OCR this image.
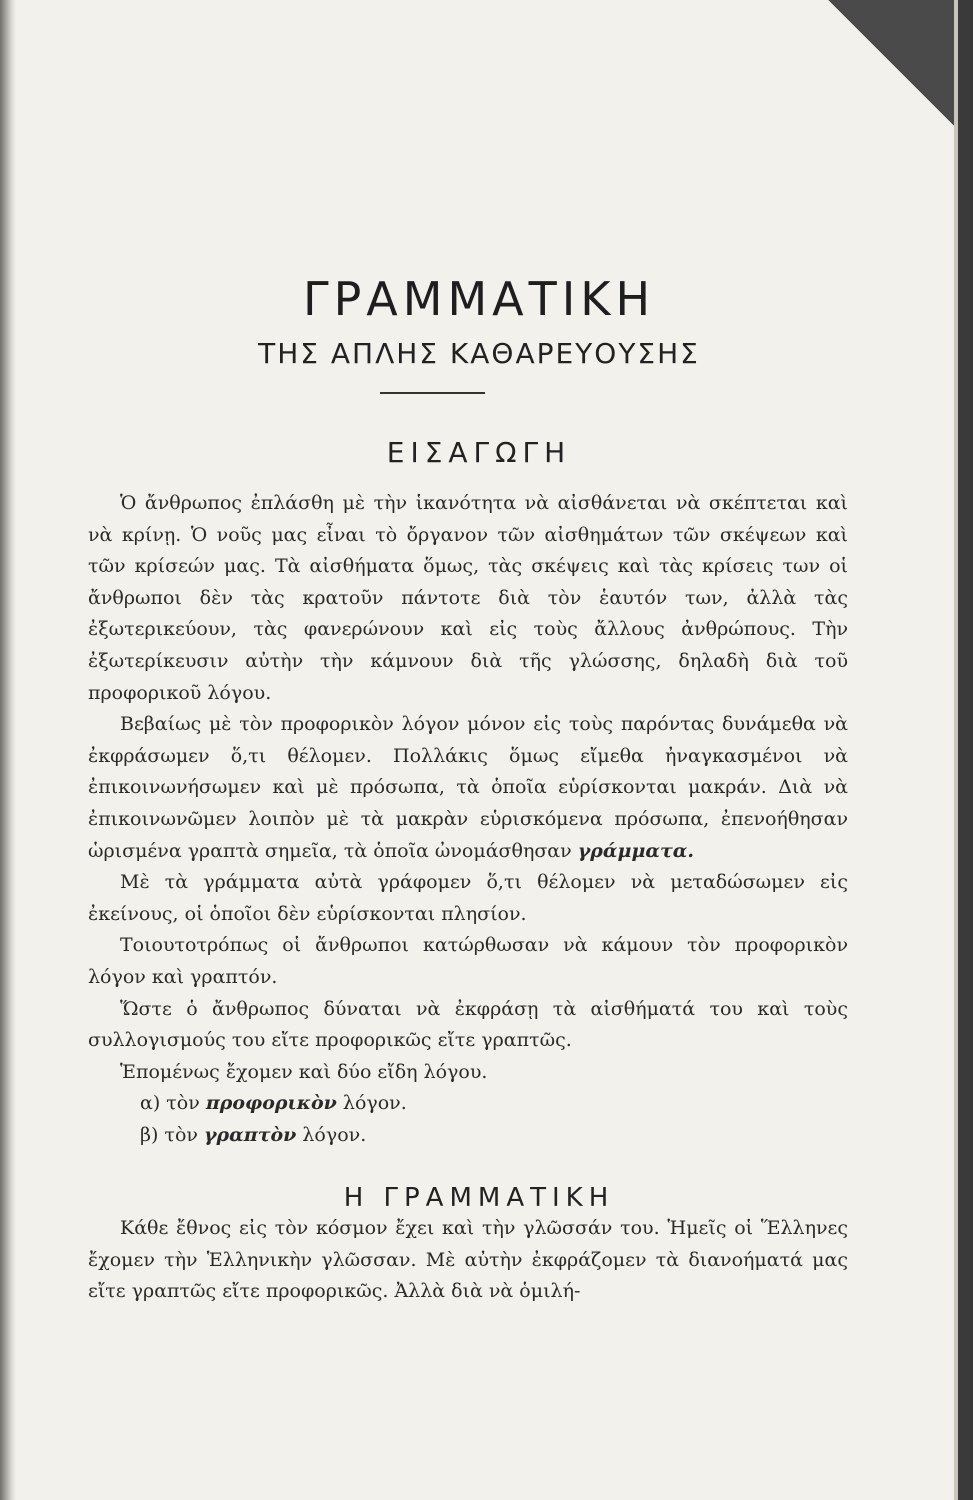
ΓΡΑΜΜΑΤΙΚΗ
ΤΗΣ ΑΠΛΗΣ ΚΑΘΑΡΕΥΟΥΣΗΣ
ΕΙΣΑΓΩΓΗ

Ὁ ἄνθρωπος ἐπλάσθη μὲ τὴν ἱκανότητα νὰ αἰσθάνεται νὰ σκέπτεται καὶ νὰ κρίνῃ. Ὁ νοῦς μας εἶναι τὸ ὄργανον τῶν αἰσθημάτων τῶν σκέψεων καὶ τῶν κρίσεών μας. Τὰ αἰσθήματα ὅμως, τὰς σκέψεις καὶ τὰς κρίσεις των οἱ ἄνθρωποι δὲν τὰς κρατοῦν πάντοτε διὰ τὸν ἑαυτόν των, ἀλλὰ τὰς ἐξωτερικεύουν, τὰς φανερώνουν καὶ εἰς τοὺς ἄλλους ἀνθρώπους. Τὴν ἐξωτερίκευσιν αὐτὴν τὴν κάμνουν διὰ τῆς γλώσσης, δηλαδὴ διὰ τοῦ προφορικοῦ λόγου.

Βεβαίως μὲ τὸν προφορικὸν λόγον μόνον εἰς τοὺς παρόντας δυνάμεθα νὰ ἐκφράσωμεν ὅ,τι θέλομεν. Πολλάκις ὅμως εἴμεθα ἠναγκασμένοι νὰ ἐπικοινωνήσωμεν καὶ μὲ πρόσωπα, τὰ ὁποῖα εὑρίσκονται μακράν. Διὰ νὰ ἐπικοινωνῶμεν λοιπὸν μὲ τὰ μακρὰν εὑρισκόμενα πρόσωπα, ἐπενοήθησαν ὡρισμένα γραπτὰ σημεῖα, τὰ ὁποῖα ὠνομάσθησαν γράμματα.

Μὲ τὰ γράμματα αὐτὰ γράφομεν ὅ,τι θέλομεν νὰ μεταδώσωμεν εἰς ἐκείνους, οἱ ὁποῖοι δὲν εὑρίσκονται πλησίον.

Τοιουτοτρόπως οἱ ἄνθρωποι κατώρθωσαν νὰ κάμουν τὸν προφορικὸν λόγον καὶ γραπτόν.

Ὥστε ὁ ἄνθρωπος δύναται νὰ ἐκφράσῃ τὰ αἰσθήματά του καὶ τοὺς συλλογισμούς του εἴτε προφορικῶς εἴτε γραπτῶς.

Ἑπομένως ἔχομεν καὶ δύο εἴδη λόγου.

α) τὸν προφορικὸν λόγον.

β) τὸν γραπτὸν λόγον.

Η ΓΡΑΜΜΑΤΙΚΗ

Κάθε ἔθνος εἰς τὸν κόσμον ἔχει καὶ τὴν γλῶσσάν του. Ἡμεῖς οἱ Ἕλληνες ἔχομεν τὴν Ἑλληνικὴν γλῶσσαν. Μὲ αὐτὴν ἐκφράζομεν τὰ διανοήματά μας εἴτε γραπτῶς εἴτε προφορικῶς. Ἀλλὰ διὰ νὰ ὁμιλή-
